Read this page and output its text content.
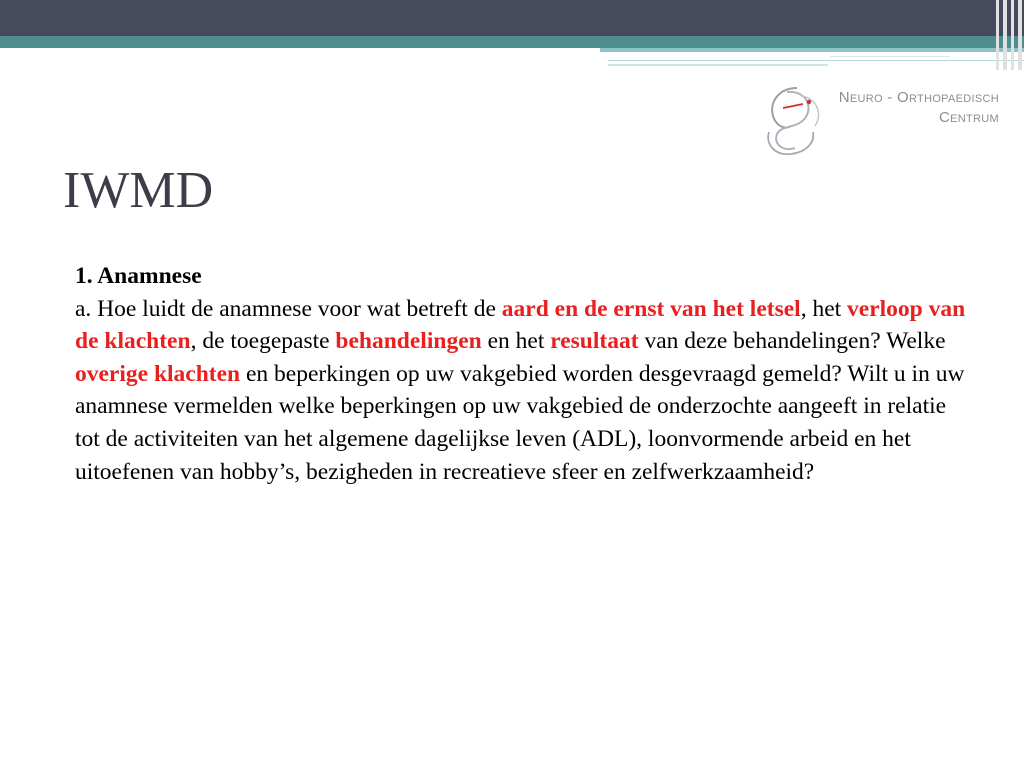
Neuro - Orthopaedisch
Centrum
IWMD
1. Anamnese
a. Hoe luidt de anamnese voor wat betreft de aard en de ernst van het letsel, het verloop van de klachten, de toegepaste behandelingen en het resultaat van deze behandelingen? Welke overige klachten en beperkingen op uw vakgebied worden desgevraagd gemeld? Wilt u in uw anamnese vermelden welke beperkingen op uw vakgebied de onderzochte aangeeft in relatie tot de activiteiten van het algemene dagelijkse leven (ADL), loonvormende arbeid en het uitoefenen van hobby’s, bezigheden in recreatieve sfeer en zelfwerkzaamheid?
